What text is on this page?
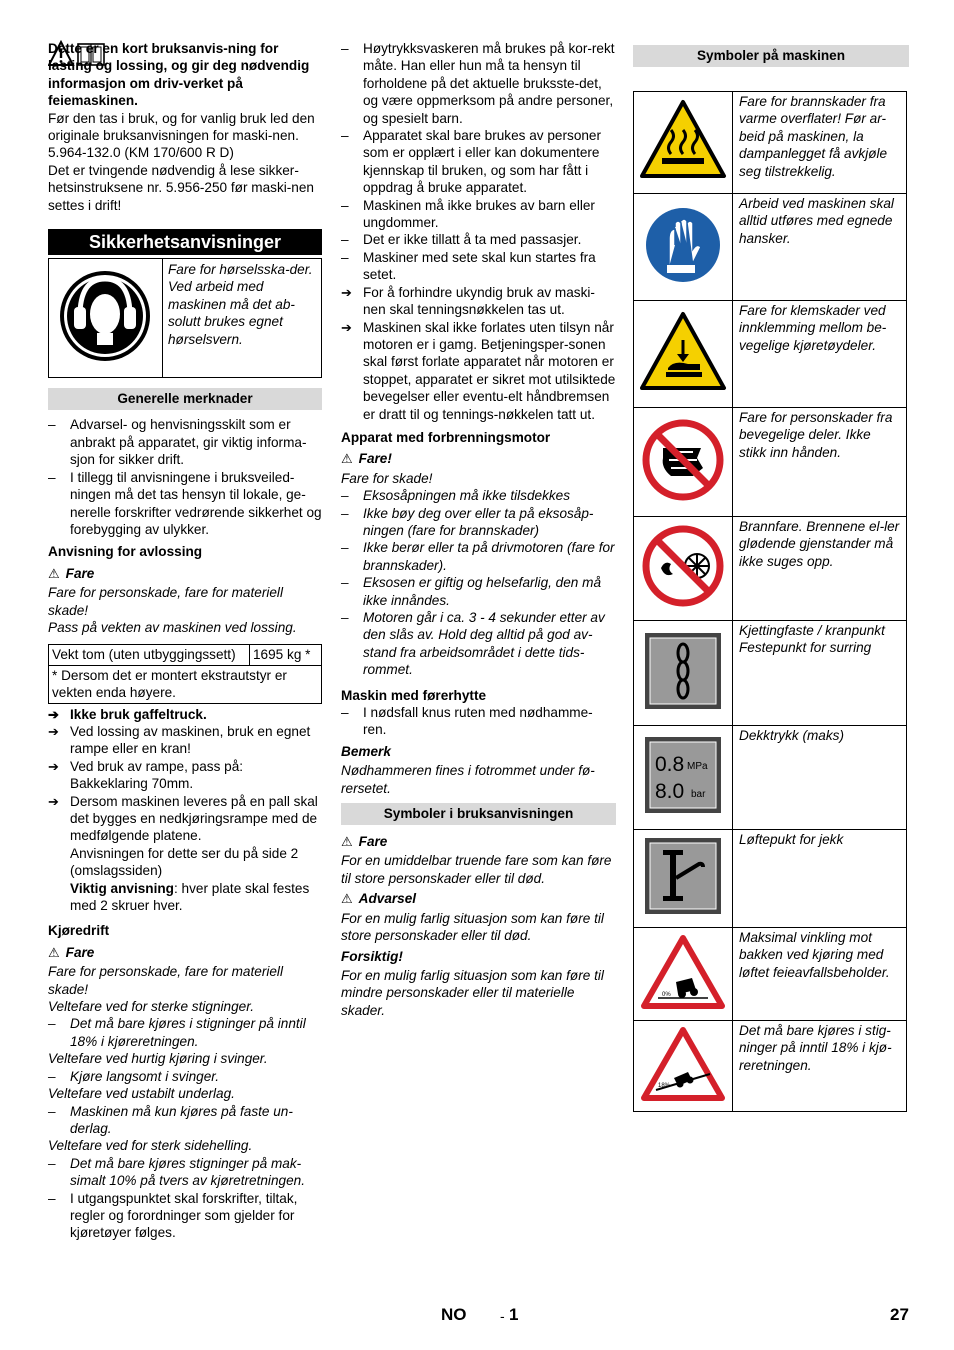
Dette er en kort bruksanvis-ning for lasting og lossing, og gir deg nødvendig informasjon om driv-verket på feiemaskinen.

Før den tas i bruk, og for vanlig bruk led den originale bruksanvisningen for maski-nen.

5.964-132.0 (KM 170/600 R D)

Det er tvingende nødvendig å lese sikker-hetsinstruksene nr. 5.956-250 før maski-nen settes i drift!

Sikkerhetsanvisninger
	Fare for hørselsska-der. Ved arbeid med maskinen må det ab-solutt brukes egnet hørselsvern.
Generelle merknader
–	Advarsel- og henvisningsskilt som er anbrakt på apparatet, gir viktig informa-sjon for sikker drift.
–	I tillegg til anvisningene i bruksveiled-ningen må det tas hensyn til lokale, ge-nerelle forskrifter vedrørende sikkerhet og forebygging av ulykker.

Anvisning for avlossing

⚠ Fare

Fare for personskade, fare for materiell skade!

Pass på vekten av maskinen ved lossing.

Vekt tom (uten utbyggingssett)	1695 kg *
* Dersom det er montert ekstrautstyr er vekten enda høyere.
➔ Ikke bruk gaffeltruck.
➔ Ved lossing av maskinen, bruk en egnet rampe eller en kran!
➔ Ved bruk av rampe, pass på: Bakkeklaring 70mm.
➔ Dersom maskinen leveres på en pall skal det bygges en nedkjøringsrampe med de medfølgende platene.

Anvisningen for dette ser du på side 2 (omslagssiden)

Viktig anvisning: hver plate skal festes med 2 skruer hver.

Kjøredrift

⚠ Fare

Fare for personskade, fare for materiell skade!

Veltefare ved for sterke stigninger.

–	Det må bare kjøres i stigninger på inntil 18% i kjøreretningen.

Veltefare ved hurtig kjøring i svinger.

–	Kjøre langsomt i svinger.

Veltefare ved ustabilt underlag.

–	Maskinen må kun kjøres på faste un-derlag.

Veltefare ved for sterk sidehelling.

–	Det må bare kjøres stigninger på mak-simalt 10% på tvers av kjøretretningen.
–	I utgangspunktet skal forskrifter, tiltak, regler og forordninger som gjelder for kjøretøyer følges.
–	Høytrykksvaskeren må brukes på kor-rekt måte. Han eller hun må ta hensyn til forholdene på det aktuelle bruksste-det, og være oppmerksom på andre personer, og spesielt barn.
–	Apparatet skal bare brukes av personer som er opplært i eller kan dokumentere kjennskap til bruken, og som har fått i oppdrag å bruke apparatet.
–	Maskinen må ikke brukes av barn eller ungdommer.
–	Det er ikke tillatt å ta med passasjer.
–	Maskiner med sete skal kun startes fra setet.
➔ For å forhindre ukyndig bruk av maski-nen skal tenningsnøkkelen tas ut.
➔ Maskinen skal ikke forlates uten tilsyn når motoren er i gamg. Betjeningsper-sonen skal først forlate apparatet når motoren er stoppet, apparatet er sikret mot utilsiktede bevegelser eller eventu-elt håndbremsen er dratt til og tennings-nøkkelen tatt ut.

Apparat med forbrenningsmotor

⚠ Fare!

Fare for skade!

–	Eksosåpningen må ikke tilsdekkes
–	Ikke bøy deg over eller ta på eksosåp-ningen (fare for brannskader)
–	Ikke berør eller ta på drivmotoren (fare for brannskader).
–	Eksosen er giftig og helsefarlig, den må ikke innåndes.
–	Motoren går i ca. 3 - 4 sekunder etter av den slås av. Hold deg alltid på god av-stand fra arbeidsområdet i dette tids-rommet.

Maskin med førerhytte

–	I nødsfall knus ruten med nødhamme-ren.

Bemerk

Nødhammeren fines i fotrommet under fø-rersetet.

Symboler i bruksanvisningen

⚠ Fare

For en umiddelbar truende fare som kan føre til store personskader eller til død.

⚠ Advarsel

For en mulig farlig situasjon som kan føre til store personskader eller til død.

Forsiktig!

For en mulig farlig situasjon som kan føre til mindre personskader eller til materielle skader.

Symboler på maskinen
	Fare for brannskader fra varme overflater! Før ar-beid på maskinen, la dampanlegget få avkjøle seg tilstrekkelig.
	Arbeid ved maskinen skal alltid utføres med egnede hansker.
	Fare for klemskader ved innklemming mellom be-vegelige kjøretøydeler.
	Fare for personskader fra bevegelige deler. Ikke stikk inn hånden.
	Brannfare. Brennene el-ler glødende gjenstander må ikke suges opp.
	Kjettingfaste / kranpunkt Festepunkt for surring

0.8 MPa
8.0 bar	Dekktrykk (maks)
	Løftepukt for jekk

0%	Maksimal vinkling mot bakken ved kjøring med løftet feieavfallsbeholder.

18%	Det må bare kjøres i stig-ninger på inntil 18% i kjø-reretningen.
NO - 1	27
